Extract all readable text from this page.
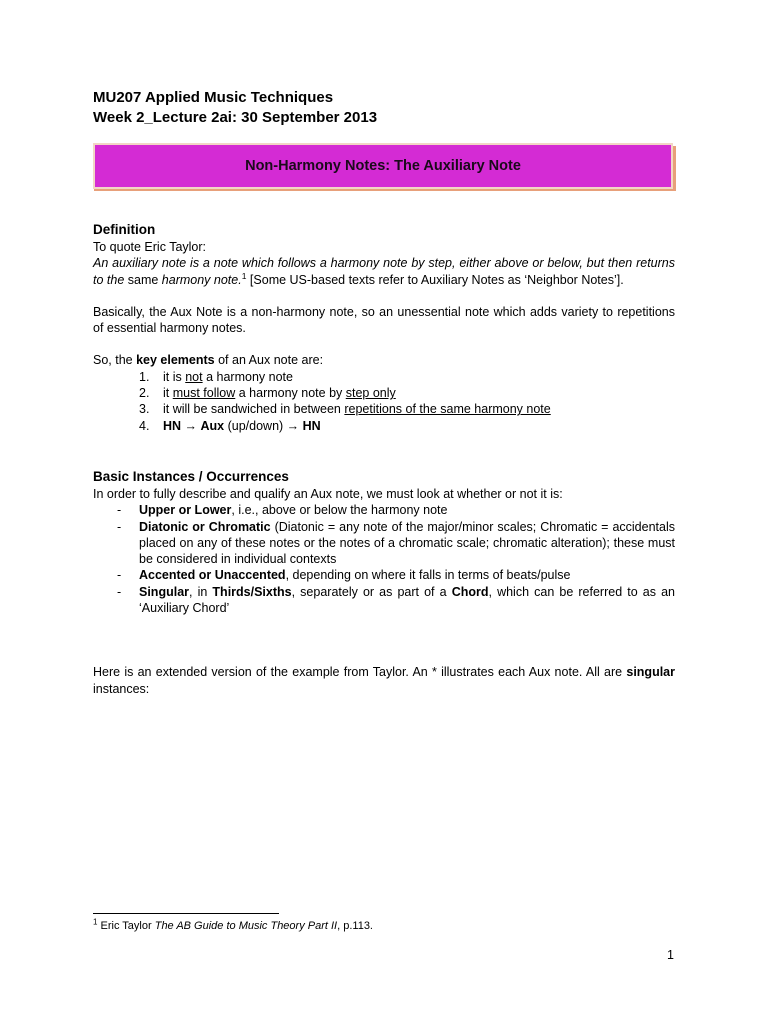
MU207 Applied Music Techniques
Week 2_Lecture 2ai: 30 September 2013
Non-Harmony Notes: The Auxiliary Note
Definition

To quote Eric Taylor:

An auxiliary note is a note which follows a harmony note by step, either above or below, but then returns to the same harmony note.$^1$ [Some US-based texts refer to Auxiliary Notes as ‘Neighbor Notes’].

Basically, the Aux Note is a non-harmony note, so an unessential note which adds variety to repetitions of essential harmony notes.

So, the key elements of an Aux note are:

1. it is not a harmony note
2. it must follow a harmony note by step only
3. it will be sandwiched in between repetitions of the same harmony note
4. HN → Aux (up/down) → HN
Basic Instances / Occurrences

In order to fully describe and qualify an Aux note, we must look at whether or not it is:

- Upper or Lower, i.e., above or below the harmony note
- Diatonic or Chromatic (Diatonic = any note of the major/minor scales; Chromatic = accidentals placed on any of these notes or the notes of a chromatic scale; chromatic alteration); these must be considered in individual contexts
- Accented or Unaccented, depending on where it falls in terms of beats/pulse
- Singular, in Thirds/Sixths, separately or as part of a Chord, which can be referred to as an ‘Auxiliary Chord’

Here is an extended version of the example from Taylor. An * illustrates each Aux note. All are singular instances:

$^1$ Eric Taylor The AB Guide to Music Theory Part II, p.113.
1
